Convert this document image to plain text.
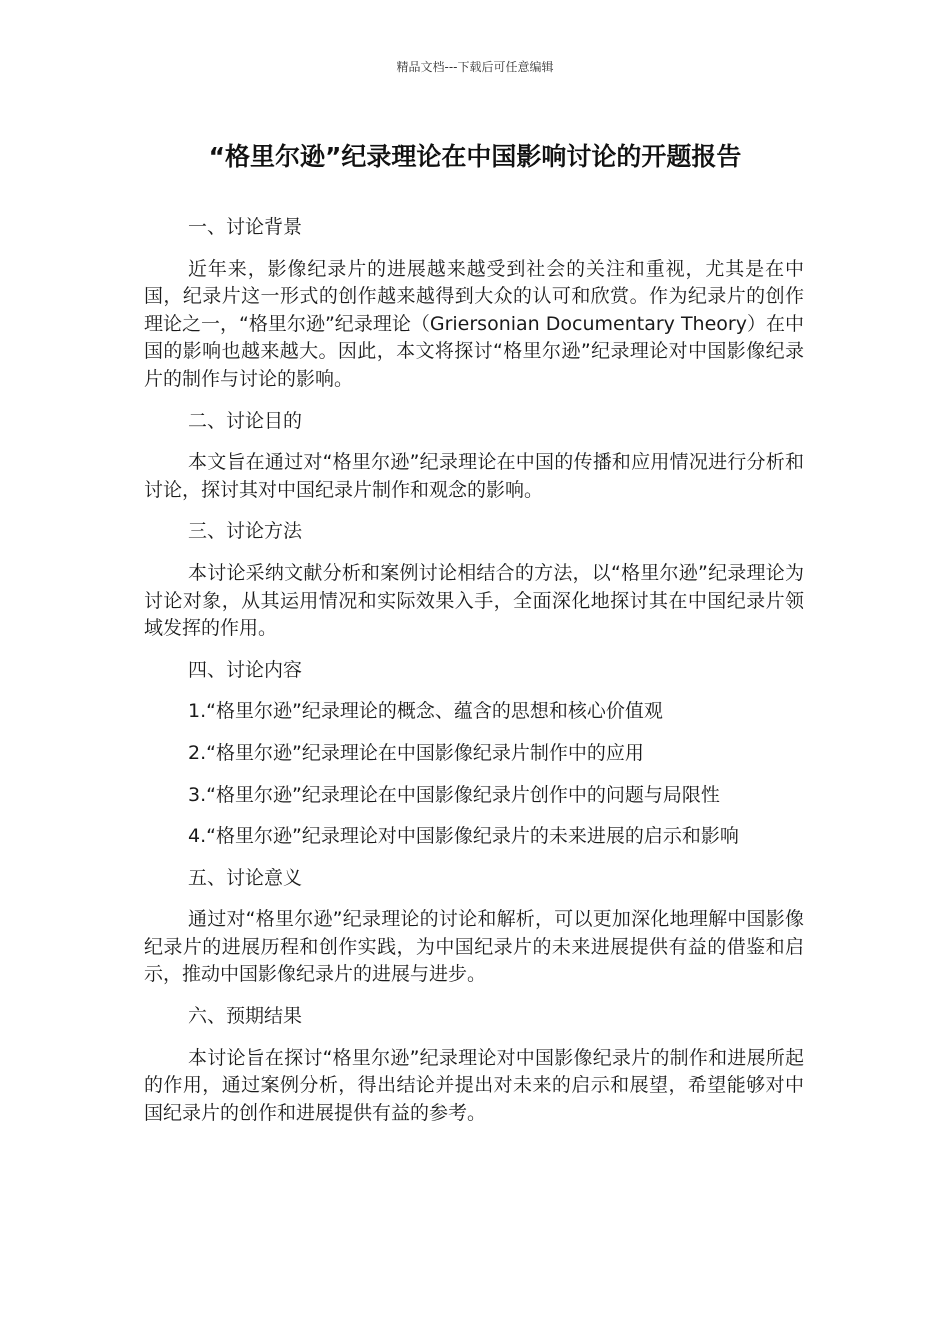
精品文档---下载后可任意编辑
“格里尔逊”纪录理论在中国影响讨论的开题报告

一、讨论背景

近年来，影像纪录片的进展越来越受到社会的关注和重视，尤其是在中国，纪录片这一形式的创作越来越得到大众的认可和欣赏。作为纪录片的创作理论之一，“格里尔逊”纪录理论（Griersonian Documentary Theory）在中国的影响也越来越大。因此，本文将探讨“格里尔逊”纪录理论对中国影像纪录片的制作与讨论的影响。

二、讨论目的

本文旨在通过对“格里尔逊”纪录理论在中国的传播和应用情况进行分析和讨论，探讨其对中国纪录片制作和观念的影响。

三、讨论方法

本讨论采纳文献分析和案例讨论相结合的方法，以“格里尔逊”纪录理论为讨论对象，从其运用情况和实际效果入手，全面深化地探讨其在中国纪录片领域发挥的作用。

四、讨论内容

1.“格里尔逊”纪录理论的概念、蕴含的思想和核心价值观

2.“格里尔逊”纪录理论在中国影像纪录片制作中的应用

3.“格里尔逊”纪录理论在中国影像纪录片创作中的问题与局限性

4.“格里尔逊”纪录理论对中国影像纪录片的未来进展的启示和影响

五、讨论意义

通过对“格里尔逊”纪录理论的讨论和解析，可以更加深化地理解中国影像纪录片的进展历程和创作实践，为中国纪录片的未来进展提供有益的借鉴和启示，推动中国影像纪录片的进展与进步。

六、预期结果

本讨论旨在探讨“格里尔逊”纪录理论对中国影像纪录片的制作和进展所起的作用，通过案例分析，得出结论并提出对未来的启示和展望，希望能够对中国纪录片的创作和进展提供有益的参考。
